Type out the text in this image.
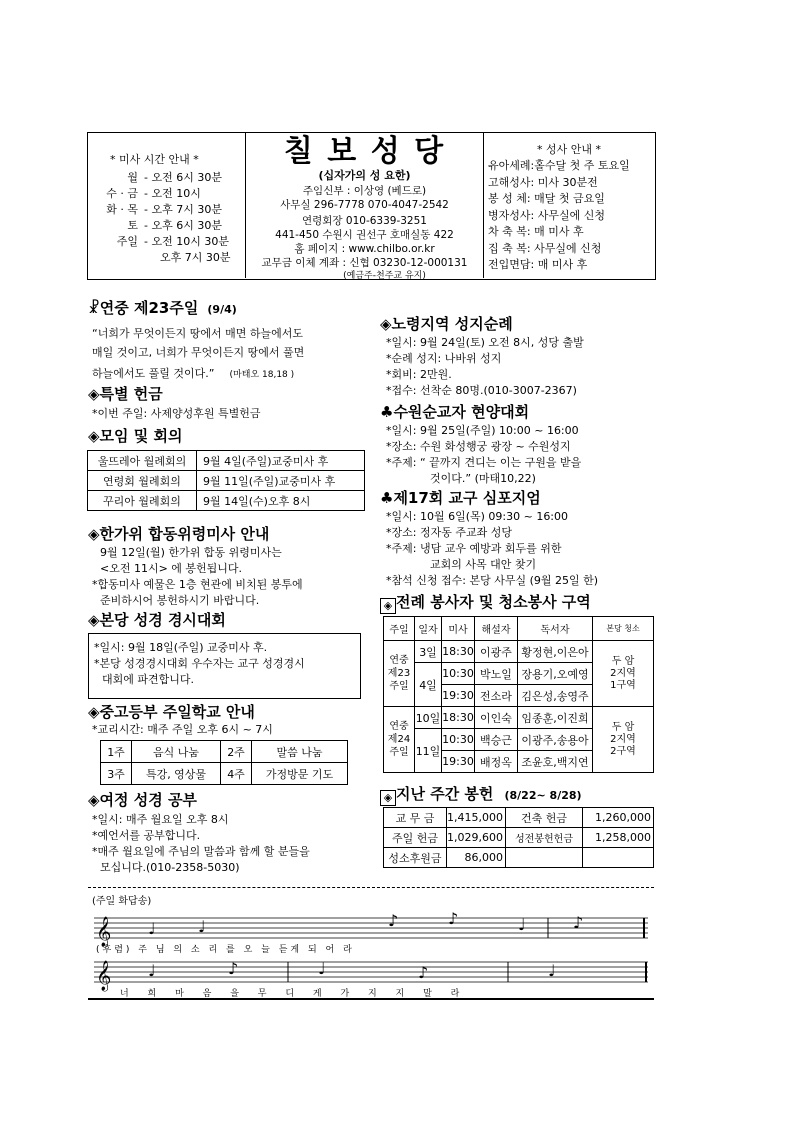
* 미사 시간 안내 *
월 - 오전 6시 30분
수 · 금 - 오전 10시
화 · 목 - 오후 7시 30분
토 - 오후 6시 30분
주일 - 오전 10시 30분
오후 7시 30분
칠 보 성 당
(십자가의 성 요한)
주임신부 : 이상영 (베드로)
사무실 296-7778 070-4047-2542
연령회장 010-6339-3251
441-450 수원시 권선구 호매실동 422
홈 페이지 : www.chilbo.or.kr
교무금 이체 계좌 : 신협 03230-12-000131
(예금주-천주교 유지)
* 성사 안내 *
유아세례:홀수달 첫 주 토요일
고해성사: 미사 30분전
봉 성 체: 매달 첫 금요일
병자성사: 사무실에 신청
차 축 복: 매 미사 후
집 축 복: 사무실에 신청
전입면담: 매 미사 후
☧연중 제23주일 (9/4)
“너희가 무엇이든지 땅에서 매면 하늘에서도
매일 것이고, 너희가 무엇이든지 땅에서 풀면
하늘에서도 풀릴 것이다.” (마태오 18,18 )
◈특별 헌금
*이번 주일: 사제양성후원 특별헌금
◈모임 및 회의
울뜨레아 월례회의	9월 4일(주일)교중미사 후
연령회 월례회의	9월 11일(주일)교중미사 후
꾸리아 월례회의	9월 14일(수)오후 8시
◈한가위 합동위령미사 안내
9월 12일(월) 한가위 합동 위령미사는
<오전 11시> 에 봉헌됩니다.
*합동미사 예물은 1층 현관에 비치된 봉투에
준비하시어 봉헌하시기 바랍니다.
◈본당 성경 경시대회
*일시: 9월 18일(주일) 교중미사 후.
*본당 성경경시대회 우수자는 교구 성경경시
대회에 파견합니다.
◈중고등부 주일학교 안내
*교리시간: 매주 주일 오후 6시 ~ 7시
1주	음식 나눔	2주	말씀 나눔
3주	특강, 영상물	4주	가정방문 기도
◈여정 성경 공부
*일시: 매주 월요일 오후 8시
*예언서를 공부합니다.
*매주 월요일에 주님의 말씀과 함께 할 분들을
모십니다.(010-2358-5030)
◈노령지역 성지순례
*일시: 9월 24일(토) 오전 8시, 성당 출발
*순례 성지: 나바위 성지
*회비: 2만원.
*접수: 선착순 80명.(010-3007-2367)
♣수원순교자 현양대회
*일시: 9월 25일(주일) 10:00 ~ 16:00
*장소: 수원 화성행궁 광장 ~ 수원성지
*주제: “ 끝까지 견디는 이는 구원을 받을
것이다.” (마태10,22)
♣제17회 교구 심포지엄
*일시: 10월 6일(목) 09:30 ~ 16:00
*장소: 정자동 주교좌 성당
*주제: 냉담 교우 예방과 회두를 위한
교회의 사목 대안 찾기
*참석 신청 접수: 본당 사무실 (9월 25일 한)
◈ 전례 봉사자 및 청소봉사 구역
주일	일자	미사	해설자	독서자	본당 청소
연중
제23
주일	3일	18:30	이광주	황정현,이은아	두 암
2지역
1구역
	4일	10:30	박노일	장용기,오예영	
		19:30	전소라	김은성,송영주	
연중
제24
주일	10일	18:30	이인숙	임종훈,이진희	두 암
2지역
2구역
	11일	10:30	백승근	이광주,송용아	
		19:30	배정옥	조윤호,백지연	
◈ 지난 주간 봉헌 (8/22~ 8/28)
교 무 금	1,415,000	건축 헌금	1,260,000
주일 헌금	1,029,600	성전봉헌헌금	1,258,000
성소후원금	86,000		
(주일 화답송)
𝄞
𝄞
♩	♩	♪	♪	♩	♪
♩	♪	♩	♪	♩
(후렴) 주 님 의 소 리 를 오 늘 듣게 되 어 라
너 희 마 음 을 무 디 게 가 지 지 말 라
